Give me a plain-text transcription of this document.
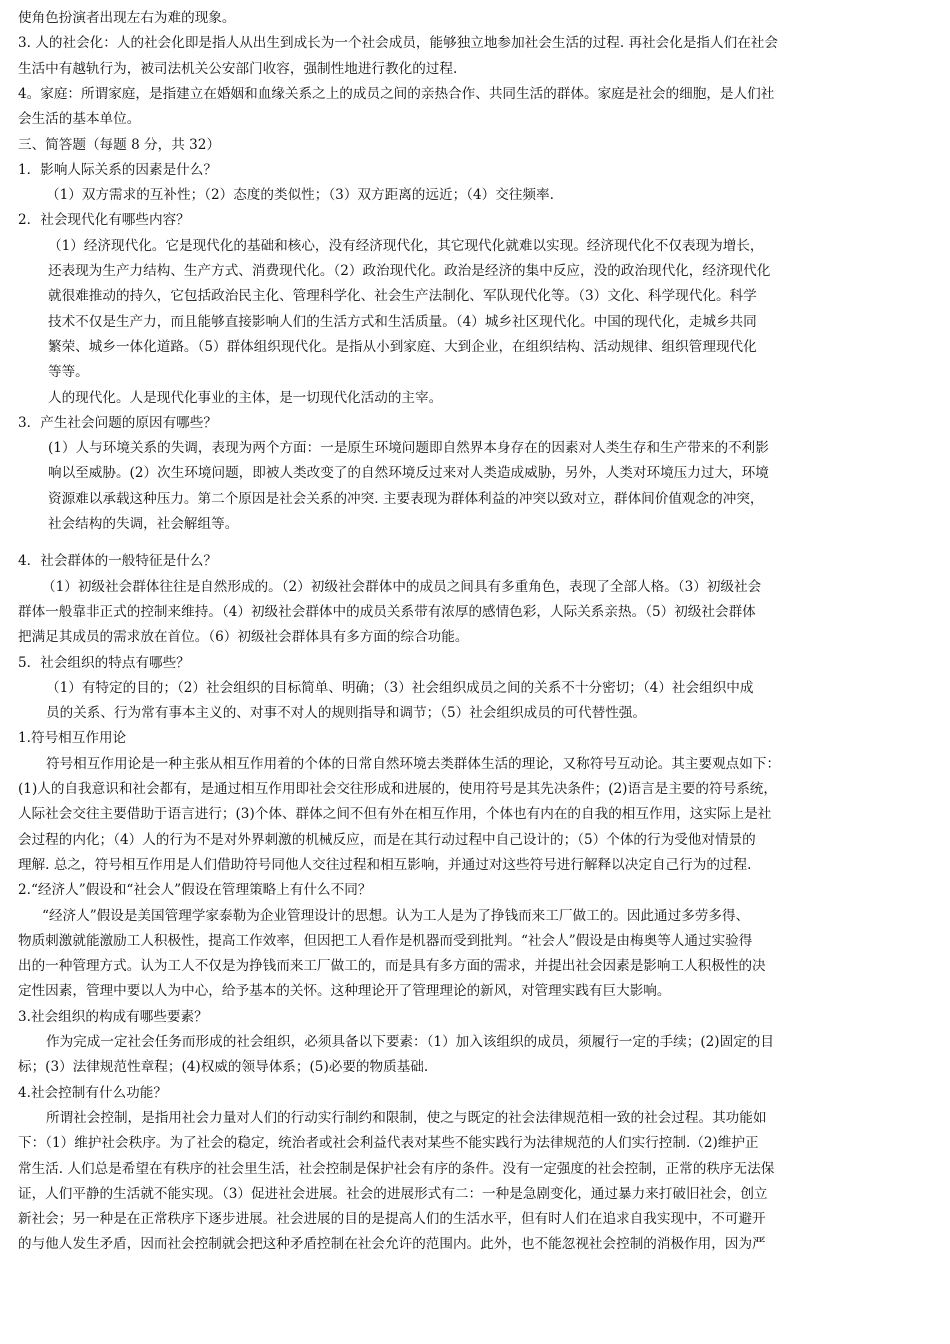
使角色扮演者出现左右为难的现象。
3. 人的社会化：人的社会化即是指人从出生到成长为一个社会成员，能够独立地参加社会生活的过程. 再社会化是指人们在社会
生活中有越轨行为，被司法机关公安部门收容，强制性地进行教化的过程.
4。家庭：所谓家庭，是指建立在婚姻和血缘关系之上的成员之间的亲热合作、共同生活的群体。家庭是社会的细胞，是人们社
会生活的基本单位。
三、简答题（每题 8 分，共 32）
1．影响人际关系的因素是什么？
（1）双方需求的互补性；（2）态度的类似性；（3）双方距离的远近；（4）交往频率.
2．社会现代化有哪些内容？
（1）经济现代化。它是现代化的基础和核心，没有经济现代化，其它现代化就难以实现。经济现代化不仅表现为增长，
还表现为生产力结构、生产方式、消费现代化。（2）政治现代化。政治是经济的集中反应，没的政治现代化，经济现代化
就很难推动的持久，它包括政治民主化、管理科学化、社会生产法制化、军队现代化等。（3）文化、科学现代化。科学
技术不仅是生产力，而且能够直接影响人们的生活方式和生活质量。（4）城乡社区现代化。中国的现代化，走城乡共同
繁荣、城乡一体化道路。（5）群体组织现代化。是指从小到家庭、大到企业，在组织结构、活动规律、组织管理现代化
等等。
人的现代化。人是现代化事业的主体，是一切现代化活动的主宰。
3．产生社会问题的原因有哪些？
(1）人与环境关系的失调，表现为两个方面：一是原生环境问题即自然界本身存在的因素对人类生存和生产带来的不利影
响以至威胁。(2）次生环境问题，即被人类改变了的自然环境反过来对人类造成威胁，另外，人类对环境压力过大，环境
资源难以承载这种压力。第二个原因是社会关系的冲突. 主要表现为群体利益的冲突以致对立，群体间价值观念的冲突，
社会结构的失调，社会解组等。
4．社会群体的一般特征是什么？
（1）初级社会群体往往是自然形成的。（2）初级社会群体中的成员之间具有多重角色，表现了全部人格。（3）初级社会
群体一般靠非正式的控制来维持。（4）初级社会群体中的成员关系带有浓厚的感情色彩，人际关系亲热。（5）初级社会群体
把满足其成员的需求放在首位。（6）初级社会群体具有多方面的综合功能。
5．社会组织的特点有哪些？
（1）有特定的目的；（2）社会组织的目标简单、明确；（3）社会组织成员之间的关系不十分密切；（4）社会组织中成
员的关系、行为常有事本主义的、对事不对人的规则指导和调节；（5）社会组织成员的可代替性强。
1.符号相互作用论
符号相互作用论是一种主张从相互作用着的个体的日常自然环境去类群体生活的理论，又称符号互动论。其主要观点如下：
(1)人的自我意识和社会都有，是通过相互作用即社会交往形成和进展的，使用符号是其先决条件；(2)语言是主要的符号系统，
人际社会交往主要借助于语言进行；(3)个体、群体之间不但有外在相互作用，个体也有内在的自我的相互作用，这实际上是社
会过程的内化；（4）人的行为不是对外界刺激的机械反应，而是在其行动过程中自己设计的；（5）个体的行为受他对情景的
理解. 总之，符号相互作用是人们借助符号同他人交往过程和相互影响，并通过对这些符号进行解释以决定自己行为的过程.
2.“经济人”假设和“社会人”假设在管理策略上有什么不同？
“经济人”假设是美国管理学家泰勒为企业管理设计的思想。认为工人是为了挣钱而来工厂做工的。因此通过多劳多得、
物质刺激就能激励工人积极性，提高工作效率，但因把工人看作是机器而受到批判。“社会人”假设是由梅奥等人通过实验得
出的一种管理方式。认为工人不仅是为挣钱而来工厂做工的，而是具有多方面的需求，并提出社会因素是影响工人积极性的决
定性因素，管理中要以人为中心，给予基本的关怀。这种理论开了管理理论的新风，对管理实践有巨大影响。
3.社会组织的构成有哪些要素？
作为完成一定社会任务而形成的社会组织，必须具备以下要素：（1）加入该组织的成员，须履行一定的手续；(2)固定的目
标；(3）法律规范性章程；(4)权威的领导体系；(5)必要的物质基础.
4.社会控制有什么功能？
所谓社会控制，是指用社会力量对人们的行动实行制约和限制，使之与既定的社会法律规范相一致的社会过程。其功能如
下：（1）维护社会秩序。为了社会的稳定，统治者或社会利益代表对某些不能实践行为法律规范的人们实行控制.（2)维护正
常生活. 人们总是希望在有秩序的社会里生活，社会控制是保护社会有序的条件。没有一定强度的社会控制，正常的秩序无法保
证，人们平静的生活就不能实现。（3）促进社会进展。社会的进展形式有二：一种是急剧变化，通过暴力来打破旧社会，创立
新社会；另一种是在正常秩序下逐步进展。社会进展的目的是提高人们的生活水平，但有时人们在追求自我实现中，不可避开
的与他人发生矛盾，因而社会控制就会把这种矛盾控制在社会允许的范围内。此外，也不能忽视社会控制的消极作用，因为严
